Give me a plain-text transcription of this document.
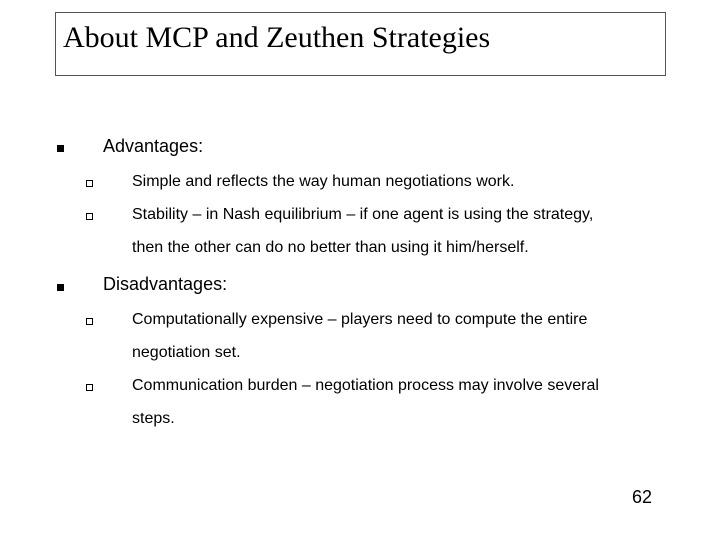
About MCP and Zeuthen Strategies
Advantages:
Simple and reflects the way human negotiations work.
Stability – in Nash equilibrium – if one agent is using the strategy,
then the other can do no better than using it him/herself.
Disadvantages:
Computationally expensive – players need to compute the entire
negotiation set.
Communication burden – negotiation process may involve several
steps.
62
